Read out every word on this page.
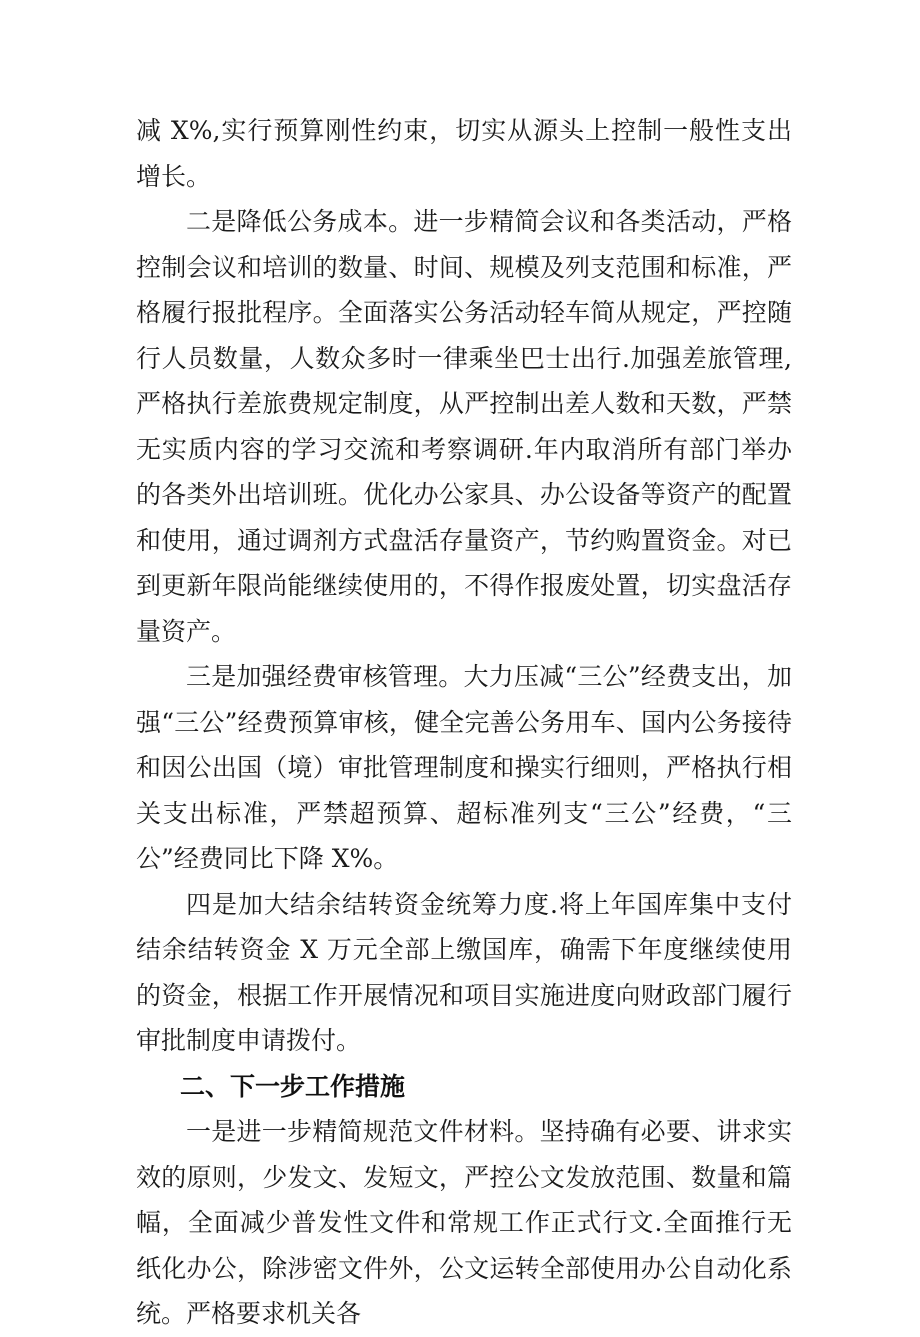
减 X%,实行预算刚性约束，切实从源头上控制一般性支出增长。

二是降低公务成本。进一步精简会议和各类活动，严格控制会议和培训的数量、时间、规模及列支范围和标准，严格履行报批程序。全面落实公务活动轻车简从规定，严控随行人员数量，人数众多时一律乘坐巴士出行.加强差旅管理,严格执行差旅费规定制度，从严控制出差人数和天数，严禁无实质内容的学习交流和考察调研.年内取消所有部门举办的各类外出培训班。优化办公家具、办公设备等资产的配置和使用，通过调剂方式盘活存量资产，节约购置资金。对已到更新年限尚能继续使用的，不得作报废处置，切实盘活存量资产。

三是加强经费审核管理。大力压减“三公”经费支出，加强“三公”经费预算审核，健全完善公务用车、国内公务接待和因公出国（境）审批管理制度和操实行细则，严格执行相关支出标准，严禁超预算、超标准列支“三公”经费，“三公”经费同比下降 X%。

四是加大结余结转资金统筹力度.将上年国库集中支付结余结转资金 X 万元全部上缴国库，确需下年度继续使用的资金，根据工作开展情况和项目实施进度向财政部门履行审批制度申请拨付。

二、下一步工作措施

一是进一步精简规范文件材料。坚持确有必要、讲求实效的原则，少发文、发短文，严控公文发放范围、数量和篇幅，全面减少普发性文件和常规工作正式行文.全面推行无纸化办公，除涉密文件外，公文运转全部使用办公自动化系统。严格要求机关各
